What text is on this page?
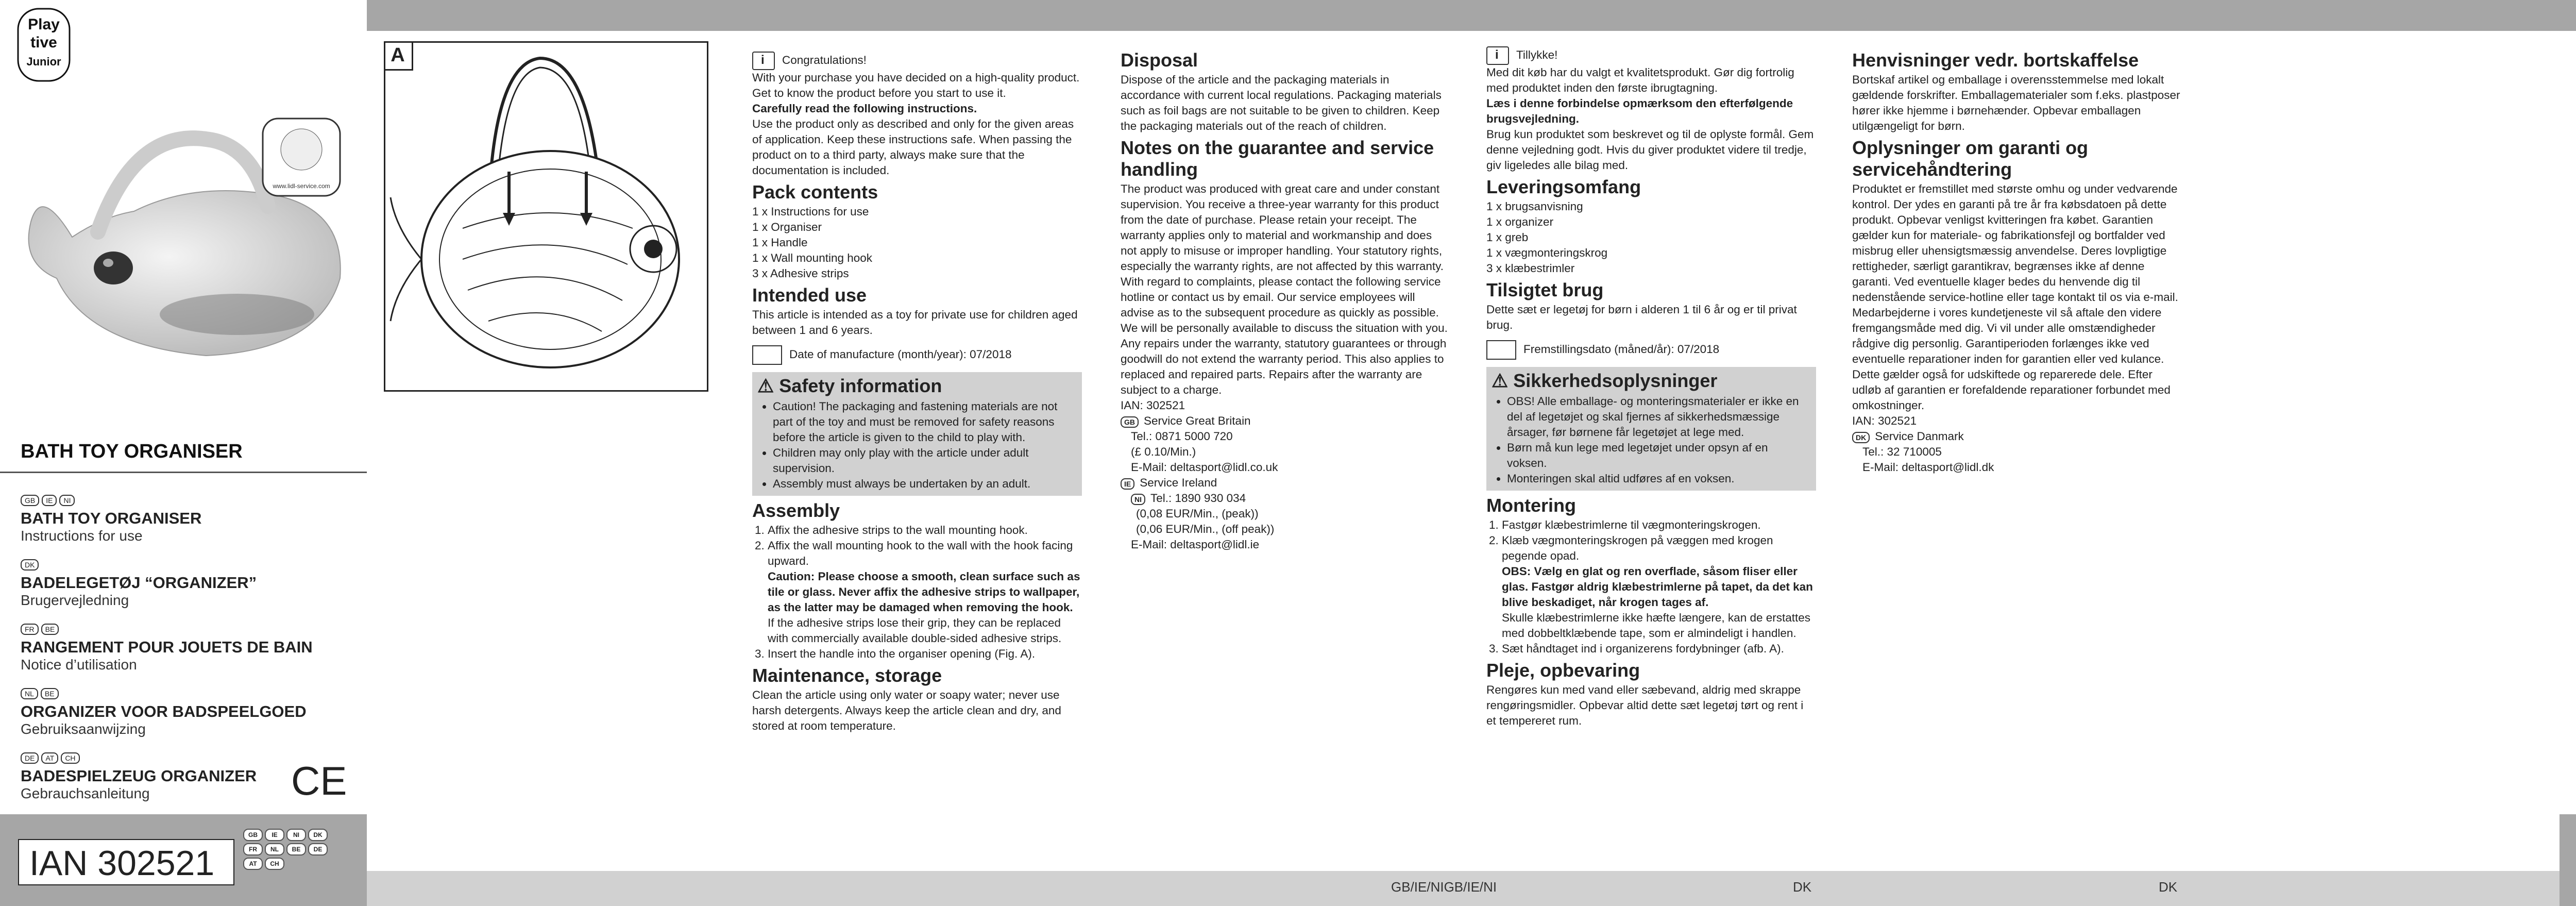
Play
tive
Junior
www.lidl-service.com
BATH TOY ORGANISER
GB IE NI
BATH TOY ORGANISER
Instructions for use
DK
BADELEGETØJ “ORGANIZER”
Brugervejledning
FR BE
RANGEMENT POUR JOUETS DE BAIN
Notice d’utilisation
NL BE
ORGANIZER VOOR BADSPEELGOED
Gebruiksaanwijzing
DE AT CH
BADESPIELZEUG ORGANIZER
Gebrauchsanleitung	CE
IAN 302521
GB IE	NI DKFR NL BE DEAT CH
GB/IE/NIGB/IE/NI	DK	DK
A

i	Congratulations!

With your purchase you have decided on a high-quality product. Get to know the product before you start to use it.

Carefully read the following instructions.

Use the product only as described and only for the given areas of application. Keep these instructions safe. When passing the product on to a third party, always make sure that the documentation is included.

Pack contents

1 x Instructions for use

1 x Organiser

1 x Handle

1 x Wall mounting hook

3 x Adhesive strips

Intended use

This article is intended as a toy for private use for children aged between 1 and 6 years.

Date of manufacture (month/year): 07/2018

⚠ Safety information
• Caution! The packaging and fastening materials are not part of the toy and must be removed for safety reasons before the article is given to the child to play with.
• Children may only play with the article under adult supervision.
• Assembly must always be undertaken by an adult.
Assembly
1. Affix the adhesive strips to the wall mounting hook.
2. Affix the wall mounting hook to the wall with the hook facing upward.
Caution: Please choose a smooth, clean surface such as tile or glass. Never affix the adhesive strips to wallpaper, as the latter may be damaged when removing the hook.
If the adhesive strips lose their grip, they can be replaced with commercially available double-sided adhesive strips.
3. Insert the handle into the organiser opening (Fig. A).
Maintenance, storage

Clean the article using only water or soapy water; never use harsh detergents. Always keep the article clean and dry, and stored at room temperature.

Disposal

Dispose of the article and the packaging materials in accordance with current local regulations. Packaging materials such as foil bags are not suitable to be given to children. Keep the packaging materials out of the reach of children.

Notes on the guarantee and service handling

The product was produced with great care and under constant supervision. You receive a three-year warranty for this product from the date of purchase. Please retain your receipt. The warranty applies only to material and workmanship and does not apply to misuse or improper handling. Your statutory rights, especially the warranty rights, are not affected by this warranty. With regard to complaints, please contact the following service hotline or contact us by email. Our service employees will advise as to the subsequent procedure as quickly as possible. We will be personally available to discuss the situation with you. Any repairs under the warranty, statutory guarantees or through goodwill do not extend the warranty period. This also applies to replaced and repaired parts. Repairs after the warranty are subject to a charge.

IAN: 302521

GB Service Great Britain

Tel.: 0871 5000 720

(£ 0.10/Min.)

E-Mail: deltasport@lidl.co.uk

IE Service Ireland

NI Tel.: 1890 930 034

(0,08 EUR/Min., (peak))

(0,06 EUR/Min., (off peak))

E-Mail: deltasport@lidl.ie

iTillykke!

Med dit køb har du valgt et kvalitetsprodukt. Gør dig fortrolig med produktet inden den første ibrugtagning.

Læs i denne forbindelse opmærksom den efterfølgende brugsvejledning.

Brug kun produktet som beskrevet og til de oplyste formål. Gem denne vejledning godt. Hvis du giver produktet videre til tredje, giv ligeledes alle bilag med.

Leveringsomfang

1 x brugsanvisning

1 x organizer

1 x greb

1 x vægmonteringskrog

3 x klæbestrimler

Tilsigtet brug

Dette sæt er legetøj for børn i alderen 1 til 6 år og er til privat brug.

Fremstillingsdato (måned/år): 07/2018

⚠ Sikkerhedsoplysninger
• OBS! Alle emballage- og monteringsmaterialer er ikke en del af legetøjet og skal fjernes af sikkerhedsmæssige årsager, før børnene får legetøjet at lege med.
• Børn må kun lege med legetøjet under opsyn af en voksen.
• Monteringen skal altid udføres af en voksen.
Montering
1. Fastgør klæbestrimlerne til vægmonteringskrogen.
2. Klæb vægmonteringskrogen på væggen med krogen pegende opad.
OBS: Vælg en glat og ren overflade, såsom fliser eller glas. Fastgør aldrig klæbestrimlerne på tapet, da det kan blive beskadiget, når krogen tages af.
Skulle klæbestrimlerne ikke hæfte længere, kan de erstattes med dobbeltklæbende tape, som er almindeligt i handlen.
3. Sæt håndtaget ind i organizerens fordybninger (afb. A).
Pleje, opbevaring

Rengøres kun med vand eller sæbevand, aldrig med skrappe rengøringsmidler. Opbevar altid dette sæt legetøj tørt og rent i et tempereret rum.

Henvisninger vedr. bortskaffelse

Bortskaf artikel og emballage i overensstemmelse med lokalt gældende forskrifter. Emballagematerialer som f.eks. plastposer hører ikke hjemme i børnehænder. Opbevar emballagen utilgængeligt for børn.

Oplysninger om garanti og servicehåndtering

Produktet er fremstillet med største omhu og under vedvarende kontrol. Der ydes en garanti på tre år fra købsdatoen på dette produkt. Opbevar venligst kvitteringen fra købet. Garantien gælder kun for materiale- og fabrikationsfejl og bortfalder ved misbrug eller uhensigtsmæssig anvendelse. Deres lovpligtige rettigheder, særligt garantikrav, begrænses ikke af denne garanti. Ved eventuelle klager bedes du henvende dig til nedenstående service-hotline eller tage kontakt til os via e-mail. Medarbejderne i vores kundetjeneste vil så aftale den videre fremgangsmåde med dig. Vi vil under alle omstændigheder rådgive dig personlig. Garantiperioden forlænges ikke ved eventuelle reparationer inden for garantien eller ved kulance. Dette gælder også for udskiftede og reparerede dele. Efter udløb af garantien er forefaldende reparationer forbundet med omkostninger.

IAN: 302521

DK Service Danmark

Tel.: 32 710005

E-Mail: deltasport@lidl.dk
